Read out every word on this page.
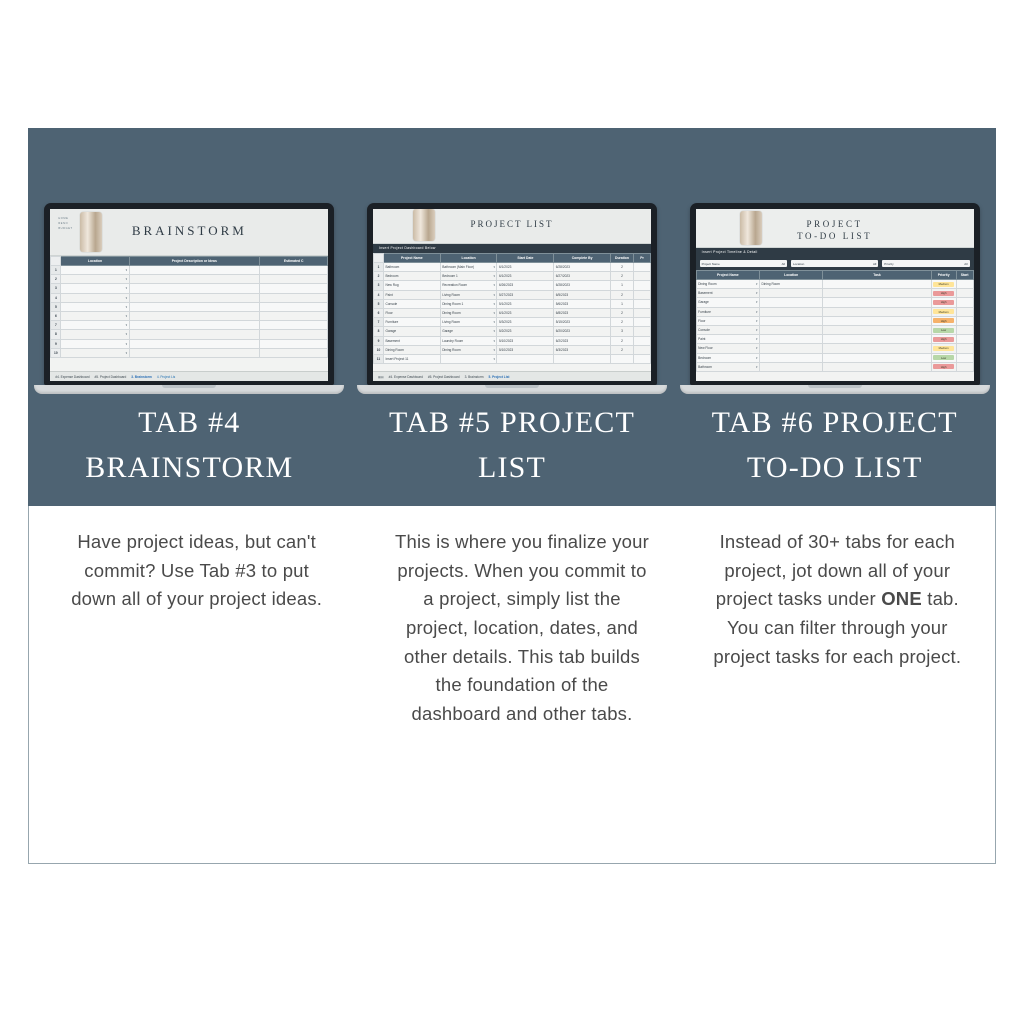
HOME
RENO
BUDGET	BRAINSTORM
	Location	Project Description or Ideas	Estimated C
1	▾		
2	▾		
3	▾		
4	▾		
5	▾		
6	▾		
7	▾		
8	▾		
9	▾		
10	▾		
#4. Expense Dashboard #5. Project Dashboard 3. Brainstorm 4. Project Lis
PROJECT LIST
Insert Project Dashboard Below
	Project Name	Location	Start Date	Complete By	Duration	Pr
1	Bathroom	Bathroom (Main Floor) ▾	6/1/2023	6/28/2023	2	
2	Bedroom	Bedroom 1 ▾	6/1/2023	6/27/2023	2	
3	New Rug	Recreation Room ▾	6/26/2023	6/28/2023	1	
4	Paint	Living Room ▾	5/27/2023	6/5/2023	2	
5	Console	Dining Room 1 ▾	5/1/2023	5/6/2023	1	
6	Floor	Dining Room ▾	6/1/2023	6/8/2023	2	
7	Furniture	Living Room ▾	5/3/2023	5/15/2023	2	
8	Garage	Garage ▾	5/2/2023	6/20/2023	3	
9	Basement	Laundry Room ▾	5/10/2023	6/2/2023	2	
10	Dining Room	Dining Room ▾	5/10/2023	6/3/2023	2	
11	Insert Project 11	▾				
▦▤ #4. Expense Dashboard #5. Project Dashboard 3. Brainstorm 5. Project List
PROJECT
TO-DO LIST
Insert Project Timeline & Detail
Project Name	All	Location	All	Priority	All
Project Name	Location	Task	Priority	Start
Dining Room ▾	Dining Room		Medium	

Basement ▾			High	

Garage ▾			High	

Furniture ▾			Medium	

Floor ▾			High	

Console ▾			Low	

Paint ▾			High	

New Floor ▾			Medium	

Bedroom ▾			Low	

Bathroom ▾			High	

TAB #4
BRAINSTORM
TAB #5 PROJECT
LIST
TAB #6 PROJECT
TO-DO LIST
Have project ideas, but can't commit? Use Tab #3 to put down all of your project ideas.
This is where you finalize your projects. When you commit to a project, simply list the project, location, dates, and other details. This tab builds the foundation of the dashboard and other tabs.
Instead of 30+ tabs for each project, jot down all of your project tasks under ONE tab. You can filter through your project tasks for each project.
